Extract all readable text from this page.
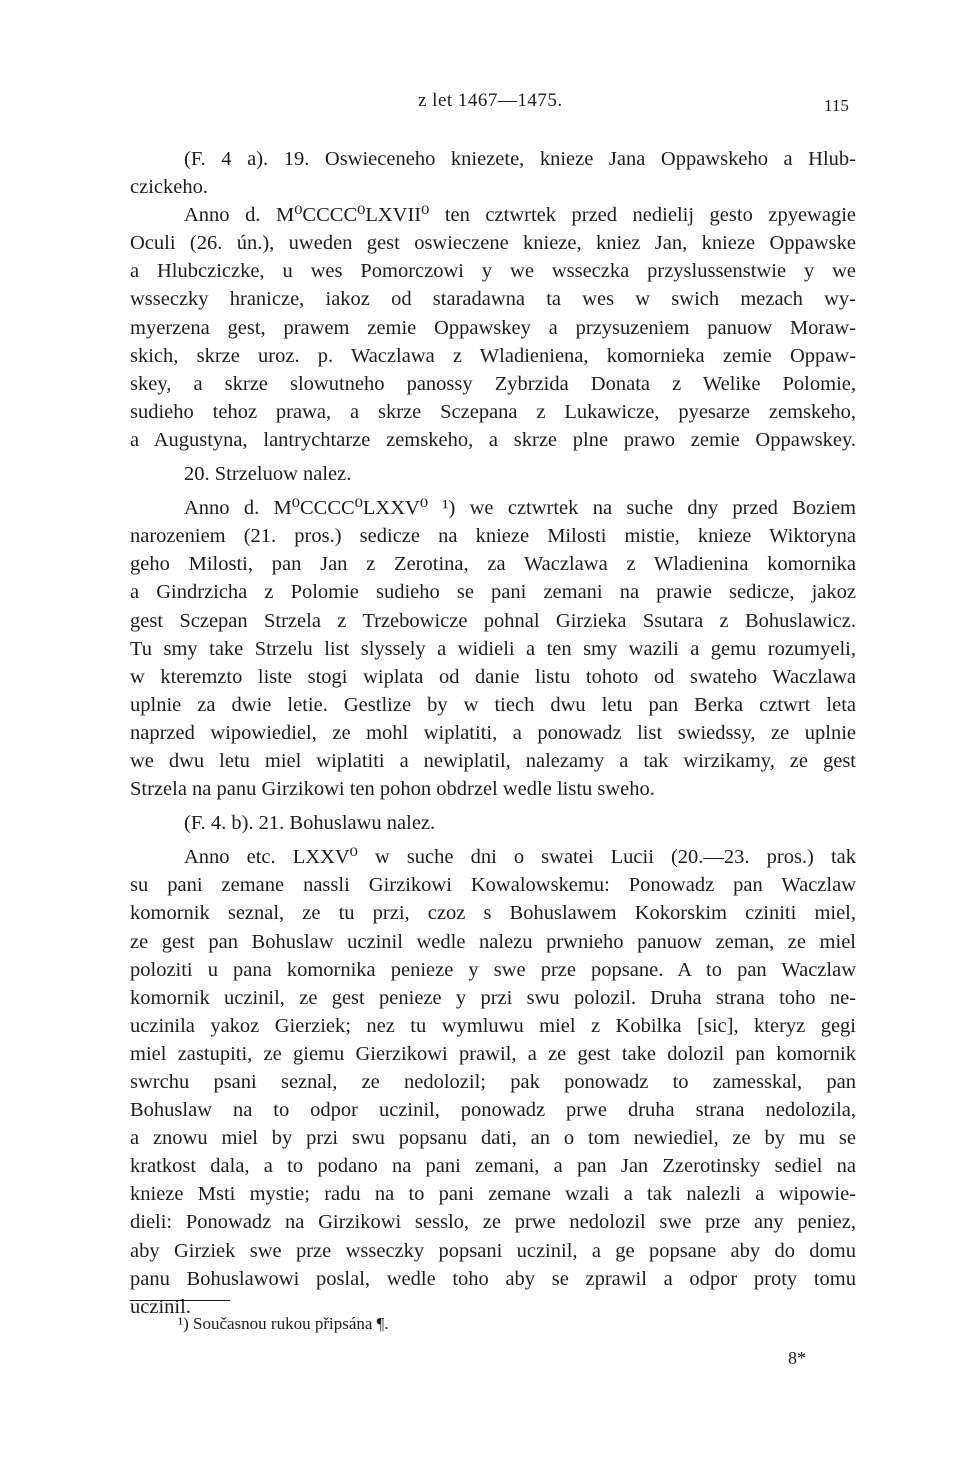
z let 1467—1475.	115
(F. 4 a). 19. Oswieceneho kniezete, knieze Jana Oppawskeho a Hlub-
czickeho.
Anno d. M⁰CCCC⁰LXVII⁰ ten cztwrtek przed nedielij gesto zpyewagie
Oculi (26. ún.), uweden gest oswieczene knieze, kniez Jan, knieze Oppawske
a Hlubcziczke, u wes Pomorczowi y we wsseczka przyslussenstwie y we
wsseczky hranicze, iakoz od staradawna ta wes w swich mezach wy-
myerzena gest, prawem zemie Oppawskey a przysuzeniem panuow Moraw-
skich, skrze uroz. p. Waczlawa z Wladieniena, komornieka zemie Oppaw-
skey, a skrze slowutneho panossy Zybrzida Donata z Welike Polomie,
sudieho tehoz prawa, a skrze Sczepana z Lukawicze, pyesarze zemskeho,
a Augustyna, lantrychtarze zemskeho, a skrze plne prawo zemie Oppawskey.
20. Strzeluow nalez.
Anno d. M⁰CCCC⁰LXXV⁰ ¹) we cztwrtek na suche dny przed Boziem
narozeniem (21. pros.) sedicze na knieze Milosti mistie, knieze Wiktoryna
geho Milosti, pan Jan z Zerotina, za Waczlawa z Wladienina komornika
a Gindrzicha z Polomie sudieho se pani zemani na prawie sedicze, jakoz
gest Sczepan Strzela z Trzebowicze pohnal Girzieka Ssutara z Bohuslawicz.
Tu smy take Strzelu list slyssely a widieli a ten smy wazili a gemu rozumyeli,
w kteremzto liste stogi wiplata od danie listu tohoto od swateho Waczlawa
uplnie za dwie letie. Gestlize by w tiech dwu letu pan Berka cztwrt leta
naprzed wipowiediel, ze mohl wiplatiti, a ponowadz list swiedssy, ze uplnie
we dwu letu miel wiplatiti a newiplatil, nalezamy a tak wirzikamy, ze gest
Strzela na panu Girzikowi ten pohon obdrzel wedle listu sweho.
(F. 4. b). 21. Bohuslawu nalez.
Anno etc. LXXV⁰ w suche dni o swatei Lucii (20.—23. pros.) tak
su pani zemane nassli Girzikowi Kowalowskemu: Ponowadz pan Waczlaw
komornik seznal, ze tu przi, czoz s Bohuslawem Kokorskim cziniti miel,
ze gest pan Bohuslaw uczinil wedle nalezu prwnieho panuow zeman, ze miel
poloziti u pana komornika penieze y swe prze popsane. A to pan Waczlaw
komornik uczinil, ze gest penieze y przi swu polozil. Druha strana toho ne-
uczinila yakoz Gierziek; nez tu wymluwu miel z Kobilka [sic], kteryz gegi
miel zastupiti, ze giemu Gierzikowi prawil, a ze gest take dolozil pan komornik
swrchu psani seznal, ze nedolozil; pak ponowadz to zamesskal, pan
Bohuslaw na to odpor uczinil, ponowadz prwe druha strana nedolozila,
a znowu miel by przi swu popsanu dati, an o tom newiediel, ze by mu se
kratkost dala, a to podano na pani zemani, a pan Jan Zzerotinsky sediel na
knieze Msti mystie; radu na to pani zemane wzali a tak nalezli a wipowie-
dieli: Ponowadz na Girzikowi sesslo, ze prwe nedolozil swe prze any peniez,
aby Girziek swe prze wsseczky popsani uczinil, a ge popsane aby do domu
panu Bohuslawowi poslal, wedle toho aby se zprawil a odpor proty tomu
uczinil.
¹) Současnou rukou připsána ¶.
8*
